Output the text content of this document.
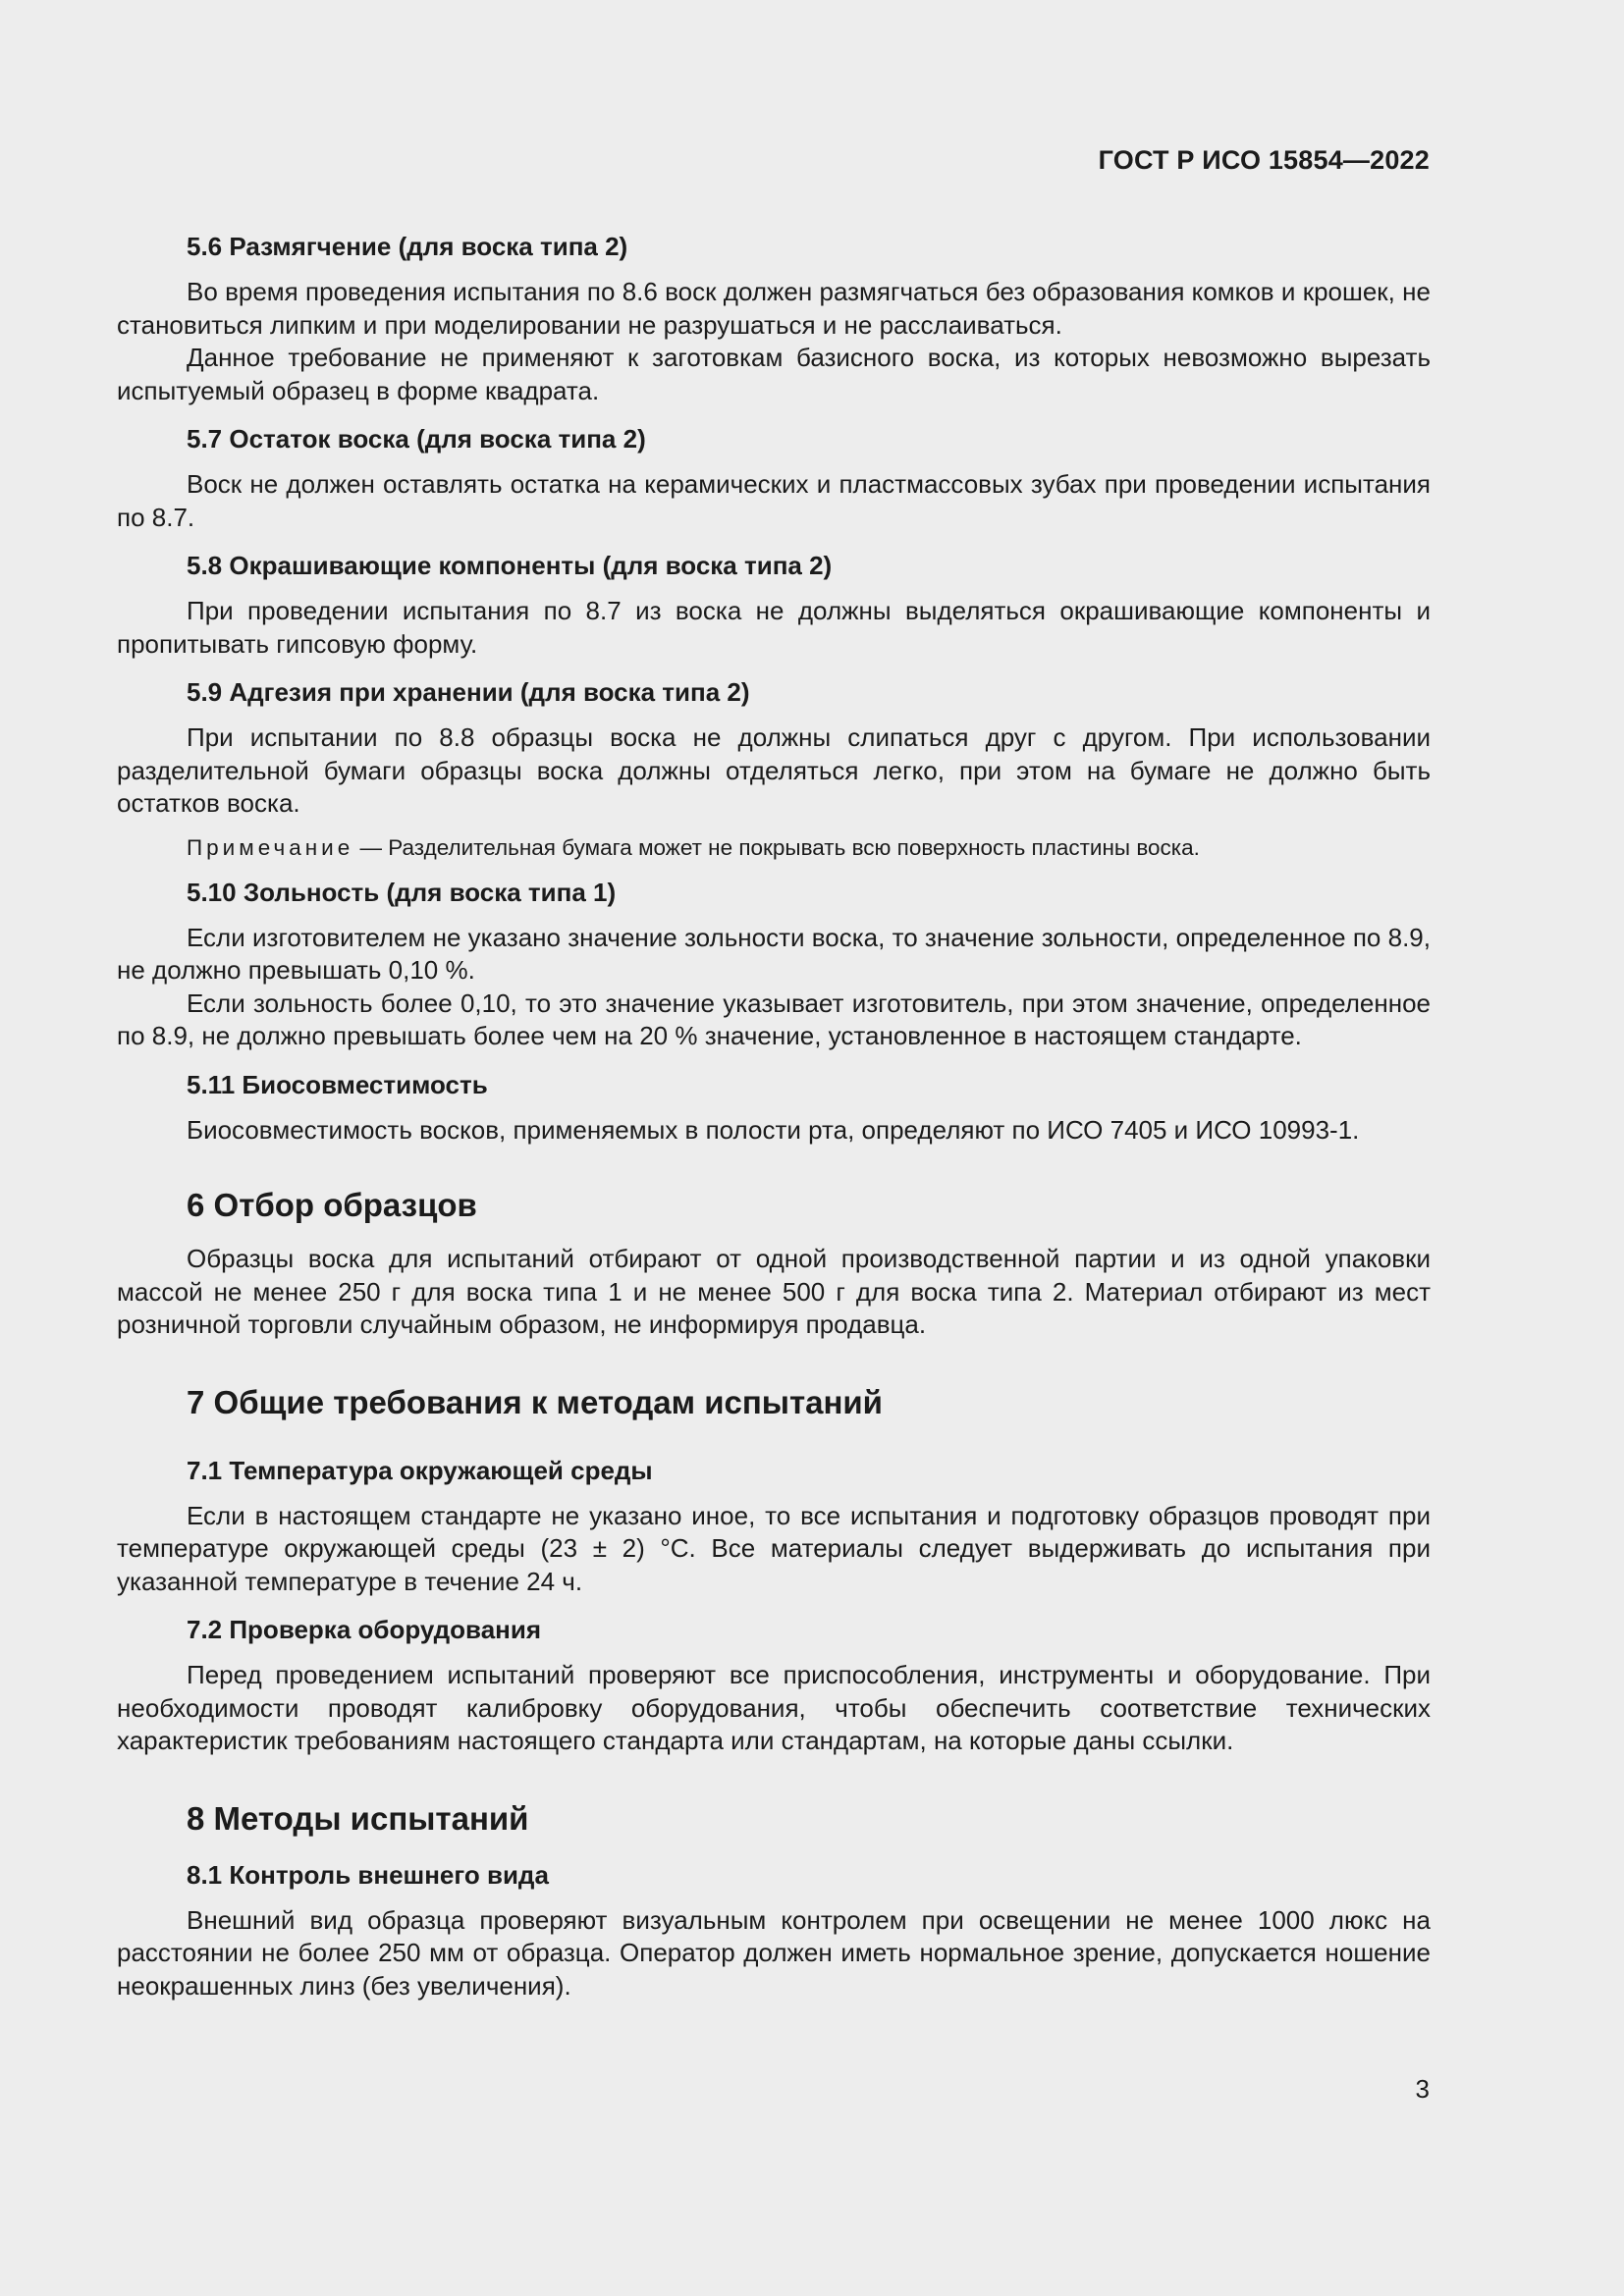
ГОСТ Р ИСО 15854—2022
5.6 Размягчение (для воска типа 2)

Во время проведения испытания по 8.6 воск должен размягчаться без образования комков и крошек, не становиться липким и при моделировании не разрушаться и не расслаиваться.

Данное требование не применяют к заготовкам базисного воска, из которых невозможно вырезать испытуемый образец в форме квадрата.

5.7 Остаток воска (для воска типа 2)

Воск не должен оставлять остатка на керамических и пластмассовых зубах при проведении испытания по 8.7.

5.8 Окрашивающие компоненты (для воска типа 2)

При проведении испытания по 8.7 из воска не должны выделяться окрашивающие компоненты и пропитывать гипсовую форму.

5.9 Адгезия при хранении (для воска типа 2)

При испытании по 8.8 образцы воска не должны слипаться друг с другом. При использовании разделительной бумаги образцы воска должны отделяться легко, при этом на бумаге не должно быть остатков воска.

Примечание — Разделительная бумага может не покрывать всю поверхность пластины воска.

5.10 Зольность (для воска типа 1)

Если изготовителем не указано значение зольности воска, то значение зольности, определенное по 8.9, не должно превышать 0,10 %.

Если зольность более 0,10, то это значение указывает изготовитель, при этом значение, определенное по 8.9, не должно превышать более чем на 20 % значение, установленное в настоящем стандарте.

5.11 Биосовместимость

Биосовместимость восков, применяемых в полости рта, определяют по ИСО 7405 и ИСО 10993-1.

6 Отбор образцов

Образцы воска для испытаний отбирают от одной производственной партии и из одной упаковки массой не менее 250 г для воска типа 1 и не менее 500 г для воска типа 2. Материал отбирают из мест розничной торговли случайным образом, не информируя продавца.

7 Общие требования к методам испытаний
7.1 Температура окружающей среды

Если в настоящем стандарте не указано иное, то все испытания и подготовку образцов проводят при температуре окружающей среды (23 ± 2) °С. Все материалы следует выдерживать до испытания при указанной температуре в течение 24 ч.

7.2 Проверка оборудования

Перед проведением испытаний проверяют все приспособления, инструменты и оборудование. При необходимости проводят калибровку оборудования, чтобы обеспечить соответствие технических характеристик требованиям настоящего стандарта или стандартам, на которые даны ссылки.

8 Методы испытаний
8.1 Контроль внешнего вида

Внешний вид образца проверяют визуальным контролем при освещении не менее 1000 люкс на расстоянии не более 250 мм от образца. Оператор должен иметь нормальное зрение, допускается ношение неокрашенных линз (без увеличения).

3
